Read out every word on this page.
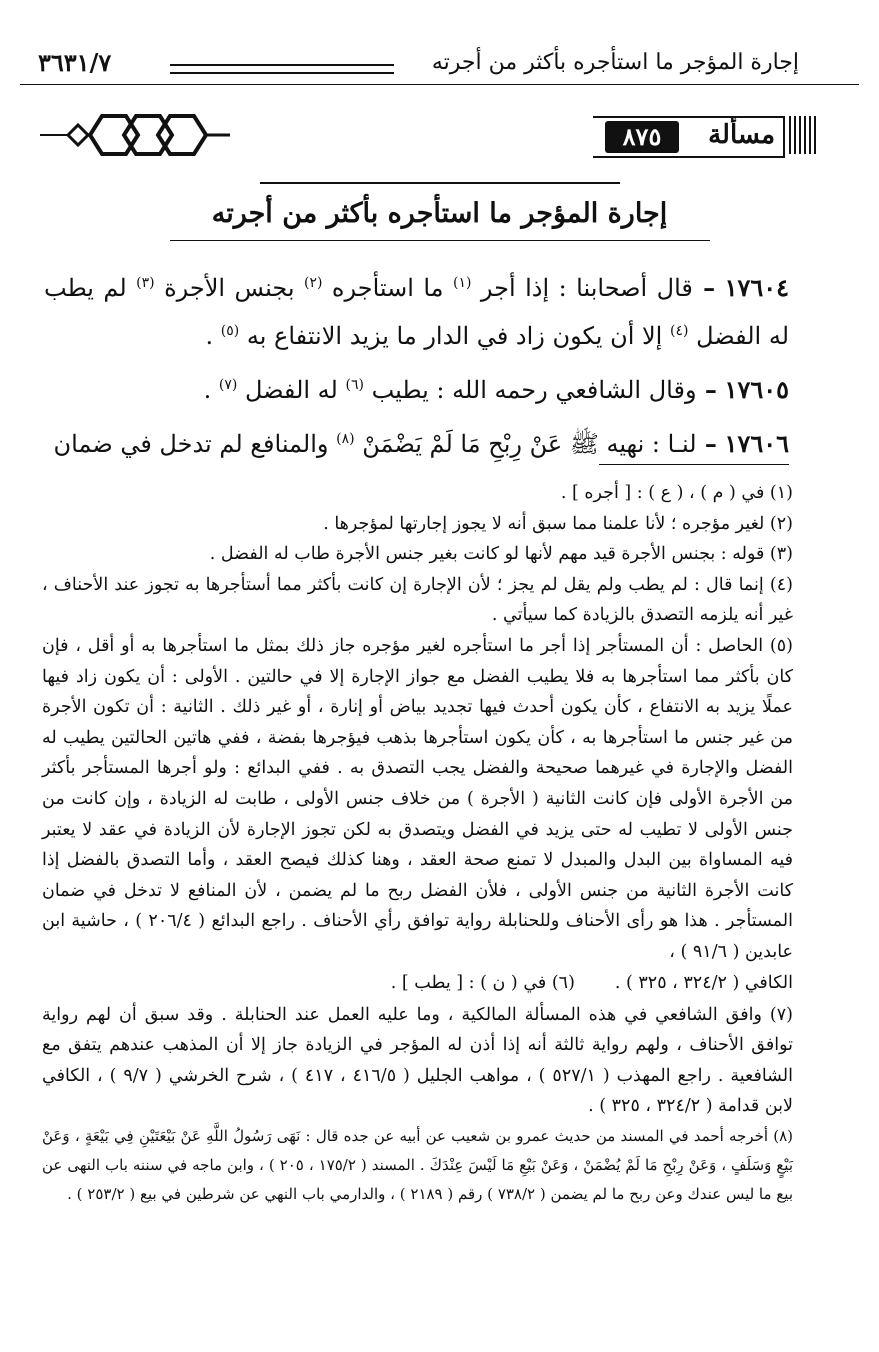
إجارة المؤجر ما استأجره بأكثر من أجرته
٣٦٣١/٧
مسألة
٨٧٥
إجارة المؤجر ما استأجره بأكثر من أجرته

١٧٦٠٤ – قال أصحابنا : إذا أجر $^{(١)}$ ما استأجره $^{(٢)}$ بجنس الأجرة $^{(٣)}$ لم يطب له الفضل $^{(٤)}$ إلا أن يكون زاد في الدار ما يزيد الانتفاع به $^{(٥)}$ .

١٧٦٠٥ – وقال الشافعي رحمه الله : يطيب $^{(٦)}$ له الفضل $^{(٧)}$ .

١٧٦٠٦ – لنـا : نهيه ﷺ عَنْ رِبْحِ مَا لَمْ يَضْمَنْ $^{(٨)}$ والمنافع لم تدخل في ضمان

(١) في ( م ) ، ( ع ) : [ أجره ] .

(٢) لغير مؤجره ؛ لأنا علمنا مما سبق أنه لا يجوز إجارتها لمؤجرها .

(٣) قوله : بجنس الأجرة قيد مهم لأنها لو كانت بغير جنس الأجرة طاب له الفضل .

(٤) إنما قال : لم يطب ولم يقل لم يجز ؛ لأن الإجارة إن كانت بأكثر مما أستأجرها به تجوز عند الأحناف ، غير أنه يلزمه التصدق بالزيادة كما سيأتي .

(٥) الحاصل : أن المستأجر إذا أجر ما استأجره لغير مؤجره جاز ذلك بمثل ما استأجرها به أو أقل ، فإن كان بأكثر مما استأجرها به فلا يطيب الفضل مع جواز الإجارة إلا في حالتين . الأولى : أن يكون زاد فيها عملًا يزيد به الانتفاع ، كأن يكون أحدث فيها تجديد بياض أو إنارة ، أو غير ذلك . الثانية : أن تكون الأجرة من غير جنس ما استأجرها به ، كأن يكون استأجرها بذهب فيؤجرها بفضة ، ففي هاتين الحالتين يطيب له الفضل والإجارة في غيرهما صحيحة والفضل يجب التصدق به . ففي البدائع : ولو أجرها المستأجر بأكثر من الأجرة الأولى فإن كانت الثانية ( الأجرة ) من خلاف جنس الأولى ، طابت له الزيادة ، وإن كانت من جنس الأولى لا تطيب له حتى يزيد في الفضل ويتصدق به لكن تجوز الإجارة لأن الزيادة في عقد لا يعتبر فيه المساواة بين البدل والمبدل لا تمنع صحة العقد ، وهنا كذلك فيصح العقد ، وأما التصدق بالفضل إذا كانت الأجرة الثانية من جنس الأولى ، فلأن الفضل ربح ما لم يضمن ، لأن المنافع لا تدخل في ضمان المستأجر . هذا هو رأى الأحناف وللحنابلة رواية توافق رأي الأحناف . راجع البدائع ( ٢٠٦/٤ ) ، حاشية ابن عابدين ( ٩١/٦ ) ،

الكافي ( ٣٢٤/٢ ، ٣٢٥ ) .

(٦) في ( ن ) : [ يطب ] .

(٧) وافق الشافعي في هذه المسألة المالكية ، وما عليه العمل عند الحنابلة . وقد سبق أن لهم رواية توافق الأحناف ، ولهم رواية ثالثة أنه إذا أذن له المؤجر في الزيادة جاز إلا أن المذهب عندهم يتفق مع الشافعية . راجع المهذب ( ٥٢٧/١ ) ، مواهب الجليل ( ٤١٦/٥ ، ٤١٧ ) ، شرح الخرشي ( ٩/٧ ) ، الكافي لابن قدامة ( ٣٢٤/٢ ، ٣٢٥ ) .

(٨) أخرجه أحمد في المسند من حديث عمرو بن شعيب عن أبيه عن جده قال : نَهَى رَسُولُ اللَّهِ عَنْ بَيْعَتَيْنِ فِي بَيْعَةٍ ، وَعَنْ بَيْعٍ وَسَلَفٍ ، وَعَنْ رِبْحِ مَا لَمْ يُضْمَنْ ، وَعَنْ بَيْعِ مَا لَيْسَ عِنْدَكَ . المسند ( ١٧٥/٢ ، ٢٠٥ ) ، وابن ماجه في سننه باب النهى عن بيع ما ليس عندك وعن ربح ما لم يضمن ( ٧٣٨/٢ ) رقم ( ٢١٨٩ ) ، والدارمي باب النهي عن شرطين في بيع ( ٢٥٣/٢ ) .
